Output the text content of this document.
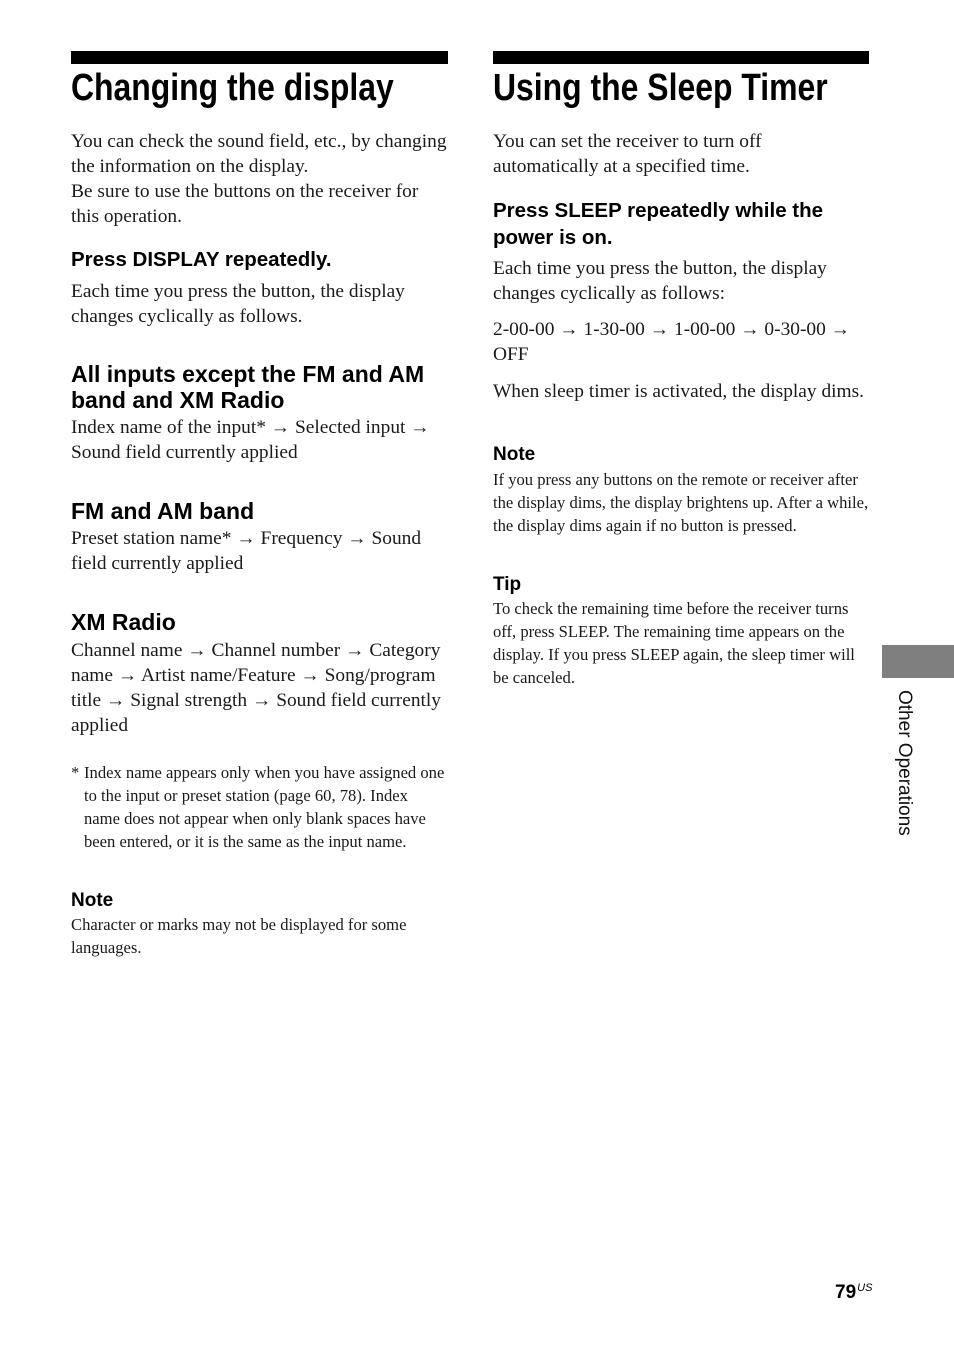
Changing the display

You can check the sound field, etc., by changing the information on the display.

Be sure to use the buttons on the receiver for this operation.

Press DISPLAY repeatedly.

Each time you press the button, the display changes cyclically as follows.

All inputs except the FM and AM band and XM Radio

Index name of the input* → Selected input → Sound field currently applied

FM and AM band

Preset station name* → Frequency → Sound field currently applied

XM Radio

Channel name → Channel number → Category name → Artist name/Feature → Song/program title → Signal strength → Sound field currently applied

* Index name appears only when you have assigned one to the input or preset station (page 60, 78). Index name does not appear when only blank spaces have been entered, or it is the same as the input name.

Note

Character or marks may not be displayed for some languages.

Using the Sleep Timer

You can set the receiver to turn off automatically at a specified time.

Press SLEEP repeatedly while the power is on.

Each time you press the button, the display changes cyclically as follows:

2-00-00 → 1-30-00 → 1-00-00 → 0-30-00 → OFF

When sleep timer is activated, the display dims.

Note

If you press any buttons on the remote or receiver after the display dims, the display brightens up. After a while, the display dims again if no button is pressed.

Tip

To check the remaining time before the receiver turns off, press SLEEP. The remaining time appears on the display. If you press SLEEP again, the sleep timer will be canceled.

Other Operations
$79^{US}$
